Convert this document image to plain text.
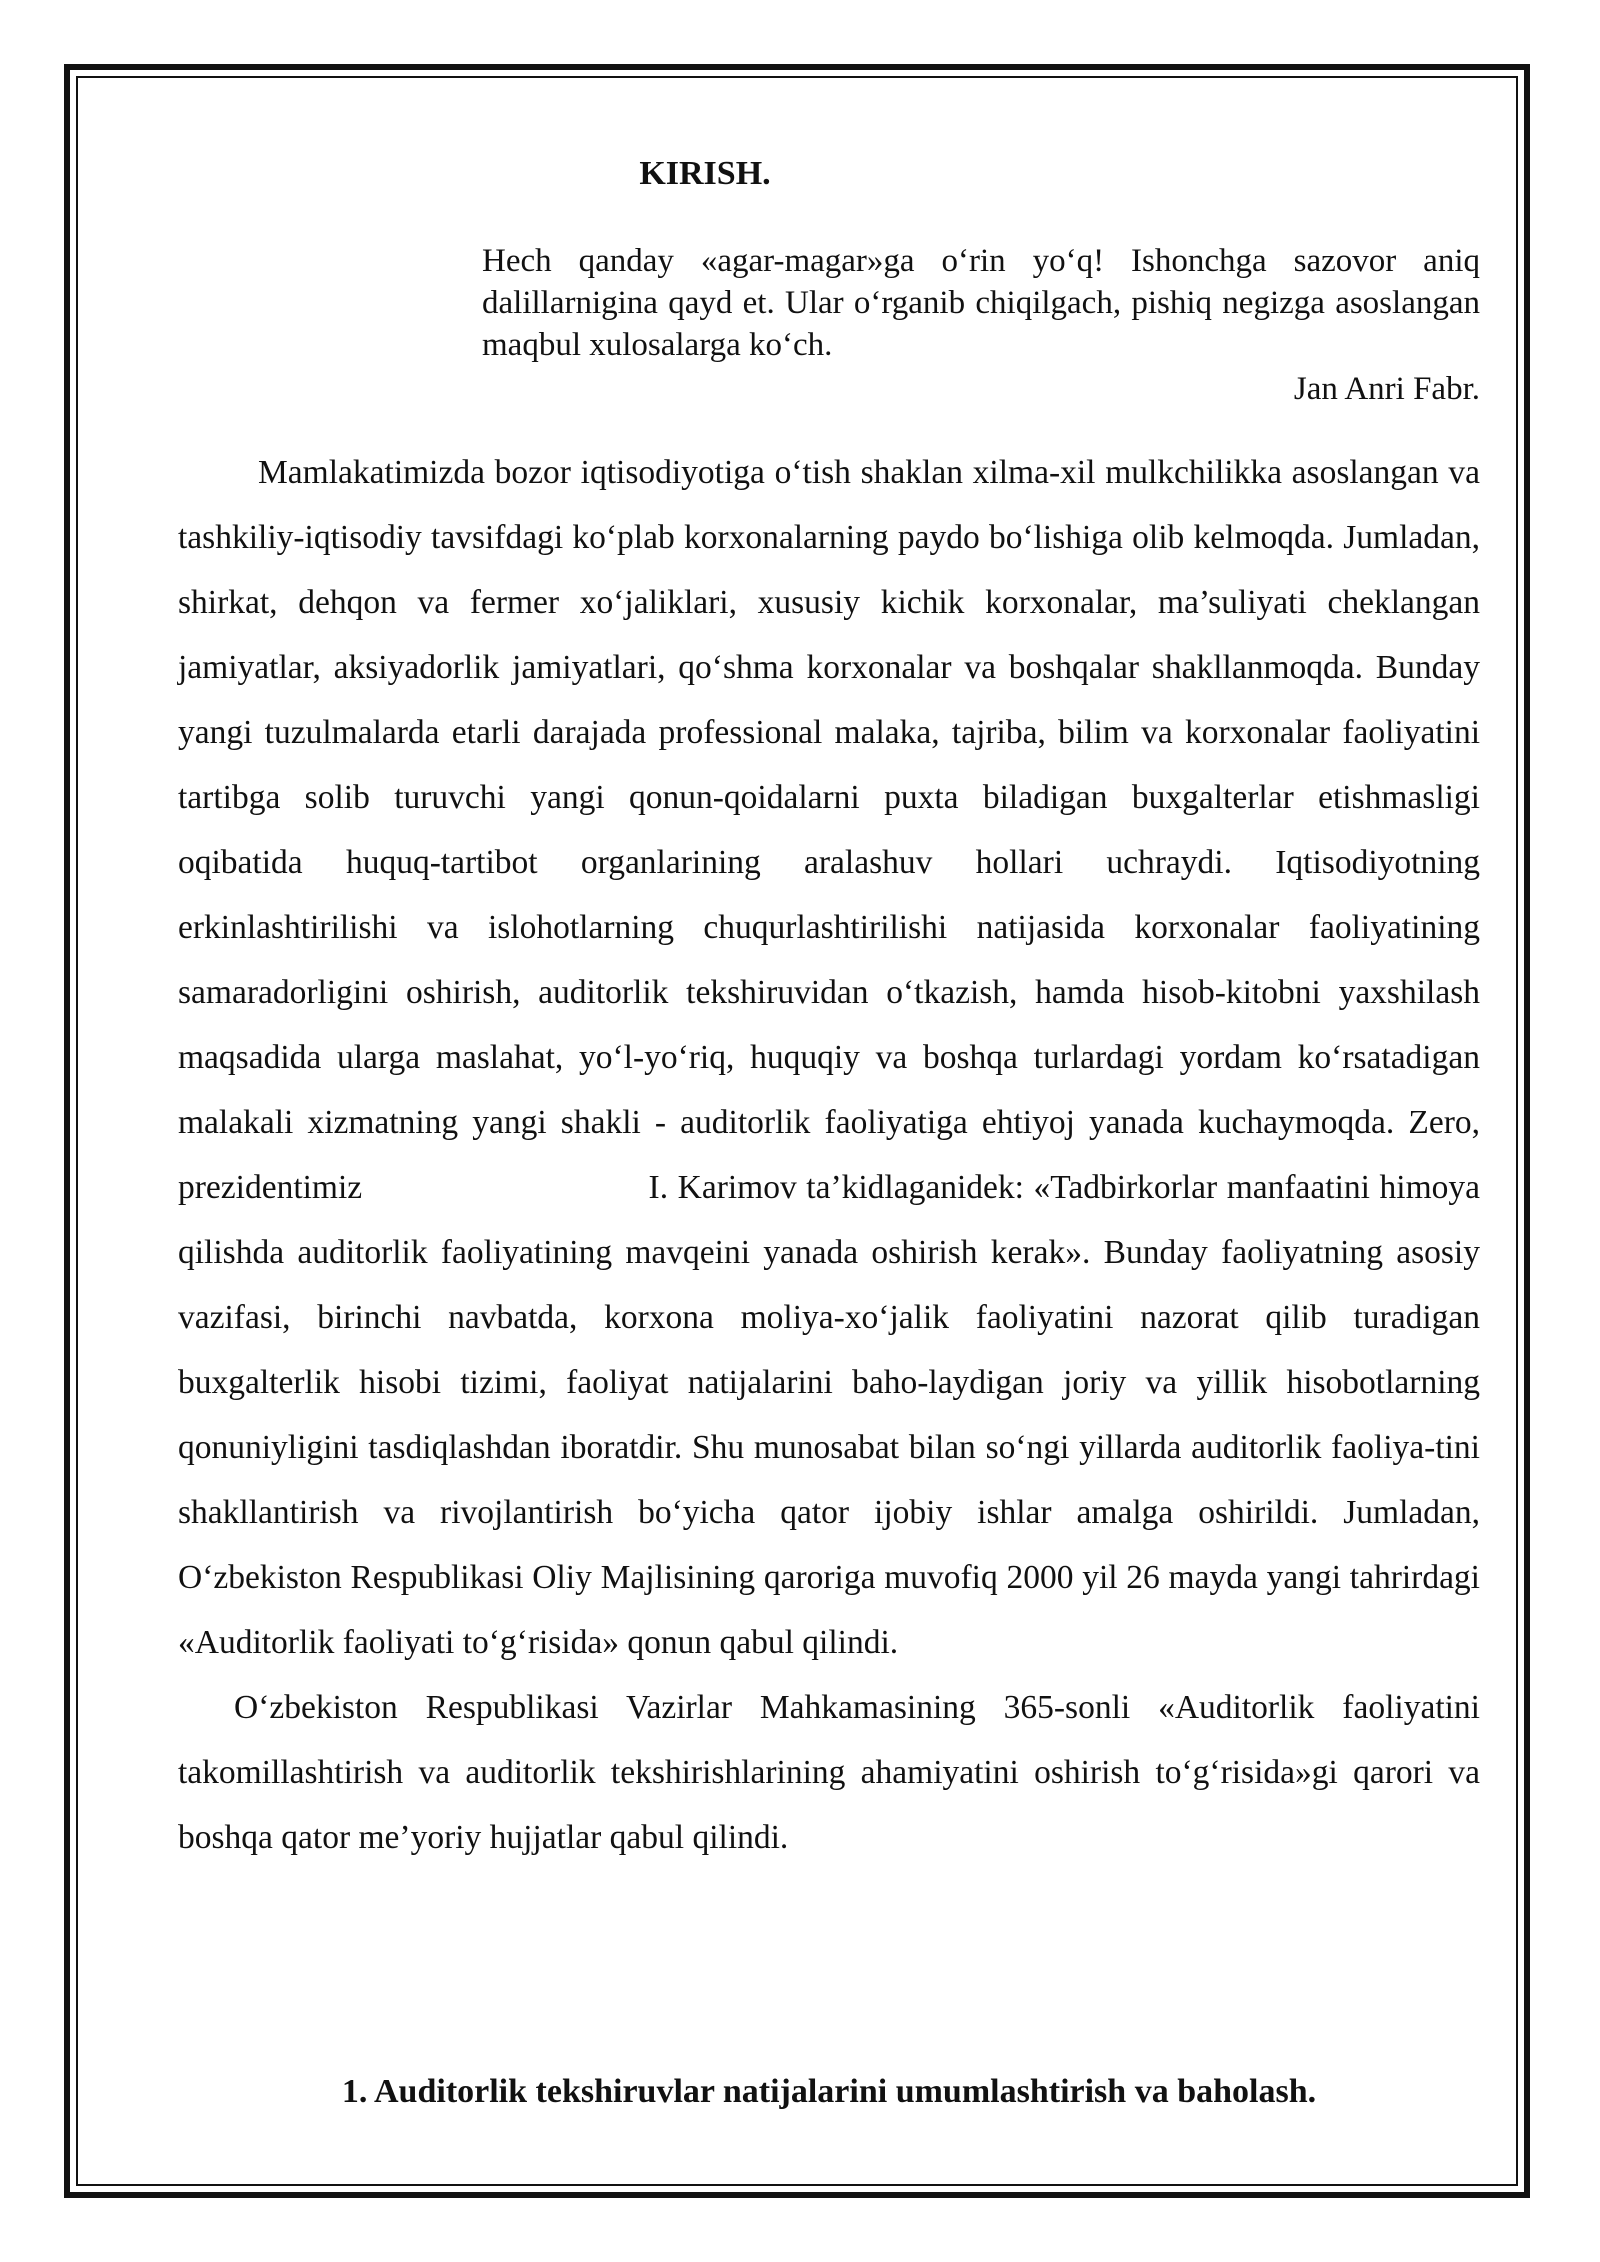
KIRISH.

Hech qanday «agar-magar»ga o‘rin yo‘q! Ishonchga sazovor aniq dalillarnigina qayd et. Ular o‘rganib chiqilgach, pishiq negizga asoslangan maqbul xulosalarga ko‘ch.

Jan Anri Fabr.

Mamlakatimizda bozor iqtisodiyotiga o‘tish shaklan xilma-xil mulkchilikka asoslangan va tashkiliy-iqtisodiy tavsifdagi ko‘plab korxonalarning paydo bo‘lishiga olib kelmoqda. Jumladan, shirkat, dehqon va fermer xo‘jaliklari, xususiy kichik korxonalar, ma’suliyati cheklangan jamiyatlar, aksiyadorlik jamiyatlari, qo‘shma korxonalar va boshqalar shakllanmoqda. Bunday yangi tuzulmalarda etarli darajada professional malaka, tajriba, bilim va korxonalar faoliyatini tartibga solib turuvchi yangi qonun-qoidalarni puxta biladigan buxgalterlar etishmasligi oqibatida huquq-tartibot organlarining aralashuv hollari uchraydi. Iqtisodiyotning erkinlashtirilishi va islohotlarning chuqurlashtirilishi natijasida korxonalar faoliyatining samaradorligini oshirish, auditorlik tekshiruvidan o‘tkazish, hamda hisob-kitobni yaxshilash maqsadida ularga maslahat, yo‘l-yo‘riq, huquqiy va boshqa turlardagi yordam ko‘rsatadigan malakali xizmatning yangi shakli - auditorlik faoliyatiga ehtiyoj yanada kuchaymoqda. Zero, prezidentimiz                              I. Karimov ta’kidlaganidek: «Tadbirkorlar manfaatini himoya qilishda auditorlik faoliyatining mavqeini yanada oshirish kerak». Bunday faoliyatning asosiy vazifasi, birinchi navbatda, korxona moliya-xo‘jalik faoliyatini nazorat qilib turadigan buxgalterlik hisobi tizimi, faoliyat natijalarini baho-laydigan joriy va yillik hisobotlarning qonuniyligini tasdiqlashdan iboratdir. Shu munosabat bilan so‘ngi yillarda auditorlik faoliya-tini shakllantirish va rivojlantirish bo‘yicha qator ijobiy ishlar amalga oshirildi. Jumladan, O‘zbekiston Respublikasi Oliy Majlisining qaroriga muvofiq 2000 yil 26 mayda yangi tahrirdagi «Auditorlik faoliyati to‘g‘risida» qonun qabul qilindi.

O‘zbekiston Respublikasi Vazirlar Mahkamasining 365-sonli «Auditorlik faoliyatini takomillashtirish va auditorlik tekshirishlarining ahamiyatini oshirish to‘g‘risida»gi qarori va boshqa qator me’yoriy hujjatlar qabul qilindi.

1. Auditorlik tekshiruvlar natijalarini umumlashtirish va baholash.
